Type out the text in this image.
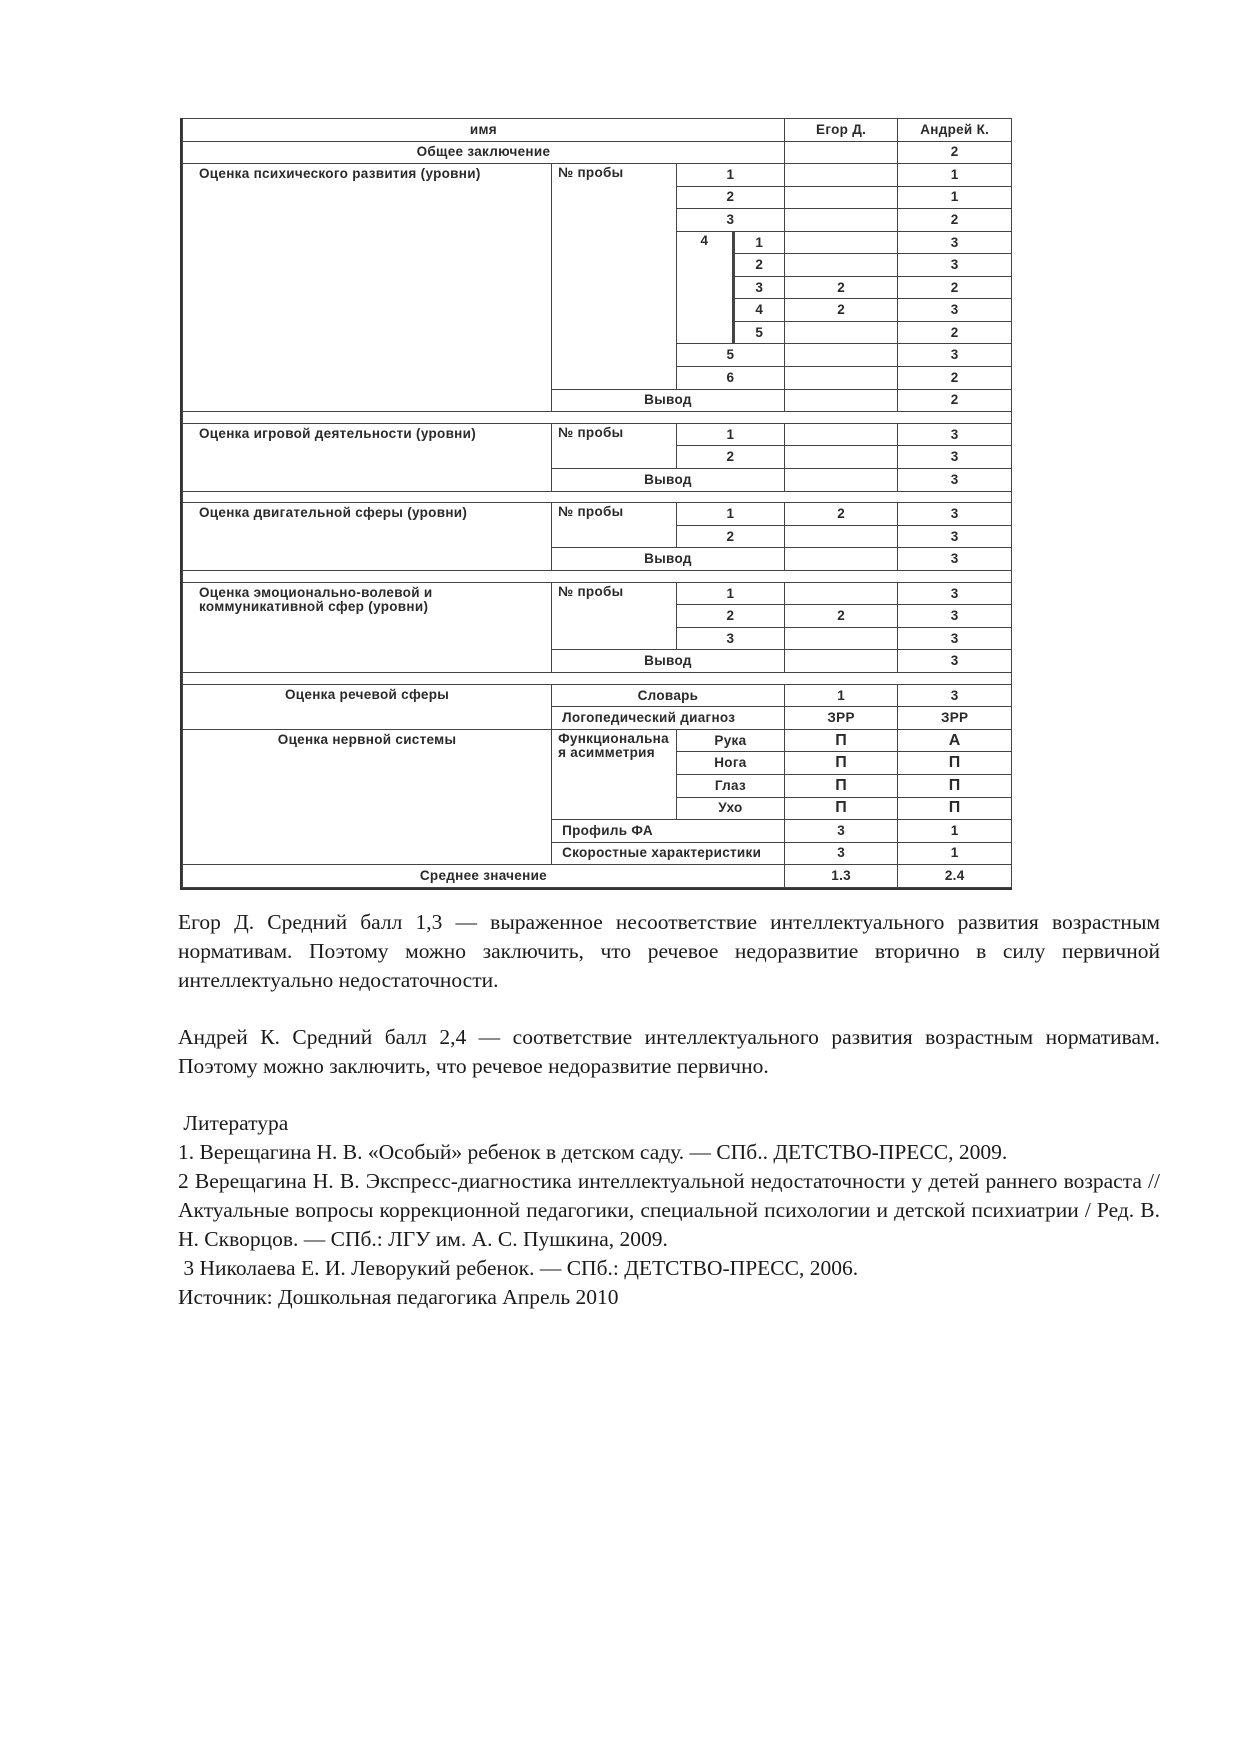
имя				Егор Д.	Андрей К.
Общее заключение					2
Оценка психического развития (уровни)	№ пробы	1			1
		2			1
		3			2
		4	1		3
			2		3
			3	2	2
			4	2	3
			5		2
		5			3
		6			2
	Вывод				2

Оценка игровой деятельности (уровни)	№ пробы	1			3
		2			3
	Вывод				3

Оценка двигательной сферы (уровни)	№ пробы	1		2	3
		2			3
	Вывод				3

Оценка эмоционально-волевой и коммуникативной сфер (уровни)	№ пробы	1			3
		2		2	3
		3			3
	Вывод				3

Оценка речевой сферы	Словарь			1	3
	Логопедический диагноз			ЗРР	ЗРР
Оценка нервной системы	Функциональная асимметрия	Рука		П	А
		Нога		П	П
		Глаз		П	П
		Ухо		П	П
	Профиль ФА			3	1
	Скоростные характеристики			3	1
Среднее значение				1.3	2.4

Егор Д. Средний балл 1,3 — выраженное несоответствие интеллектуального развития возрастным нормативам. Поэтому можно заключить, что речевое недоразвитие вторично в силу первичной интеллектуально недостаточности.

Андрей К. Средний балл 2,4 — соответствие интеллектуального развития возрастным нормативам. Поэтому можно заключить, что речевое недоразвитие первично.

Литература

1. Верещагина Н. В. «Особый» ребенок в детском саду. — СПб.. ДЕТСТВО-ПРЕСС, 2009.

2 Верещагина Н. В. Экспресс-диагностика интеллектуальной недостаточности у детей раннего возраста // Актуальные вопросы коррекционной педагогики, специальной психологии и детской психиатрии / Ред. В. Н. Скворцов. — СПб.: ЛГУ им. А. С. Пушкина, 2009.

3 Николаева Е. И. Леворукий ребенок. — СПб.: ДЕТСТВО-ПРЕСС, 2006.

Источник: Дошкольная педагогика Апрель 2010
